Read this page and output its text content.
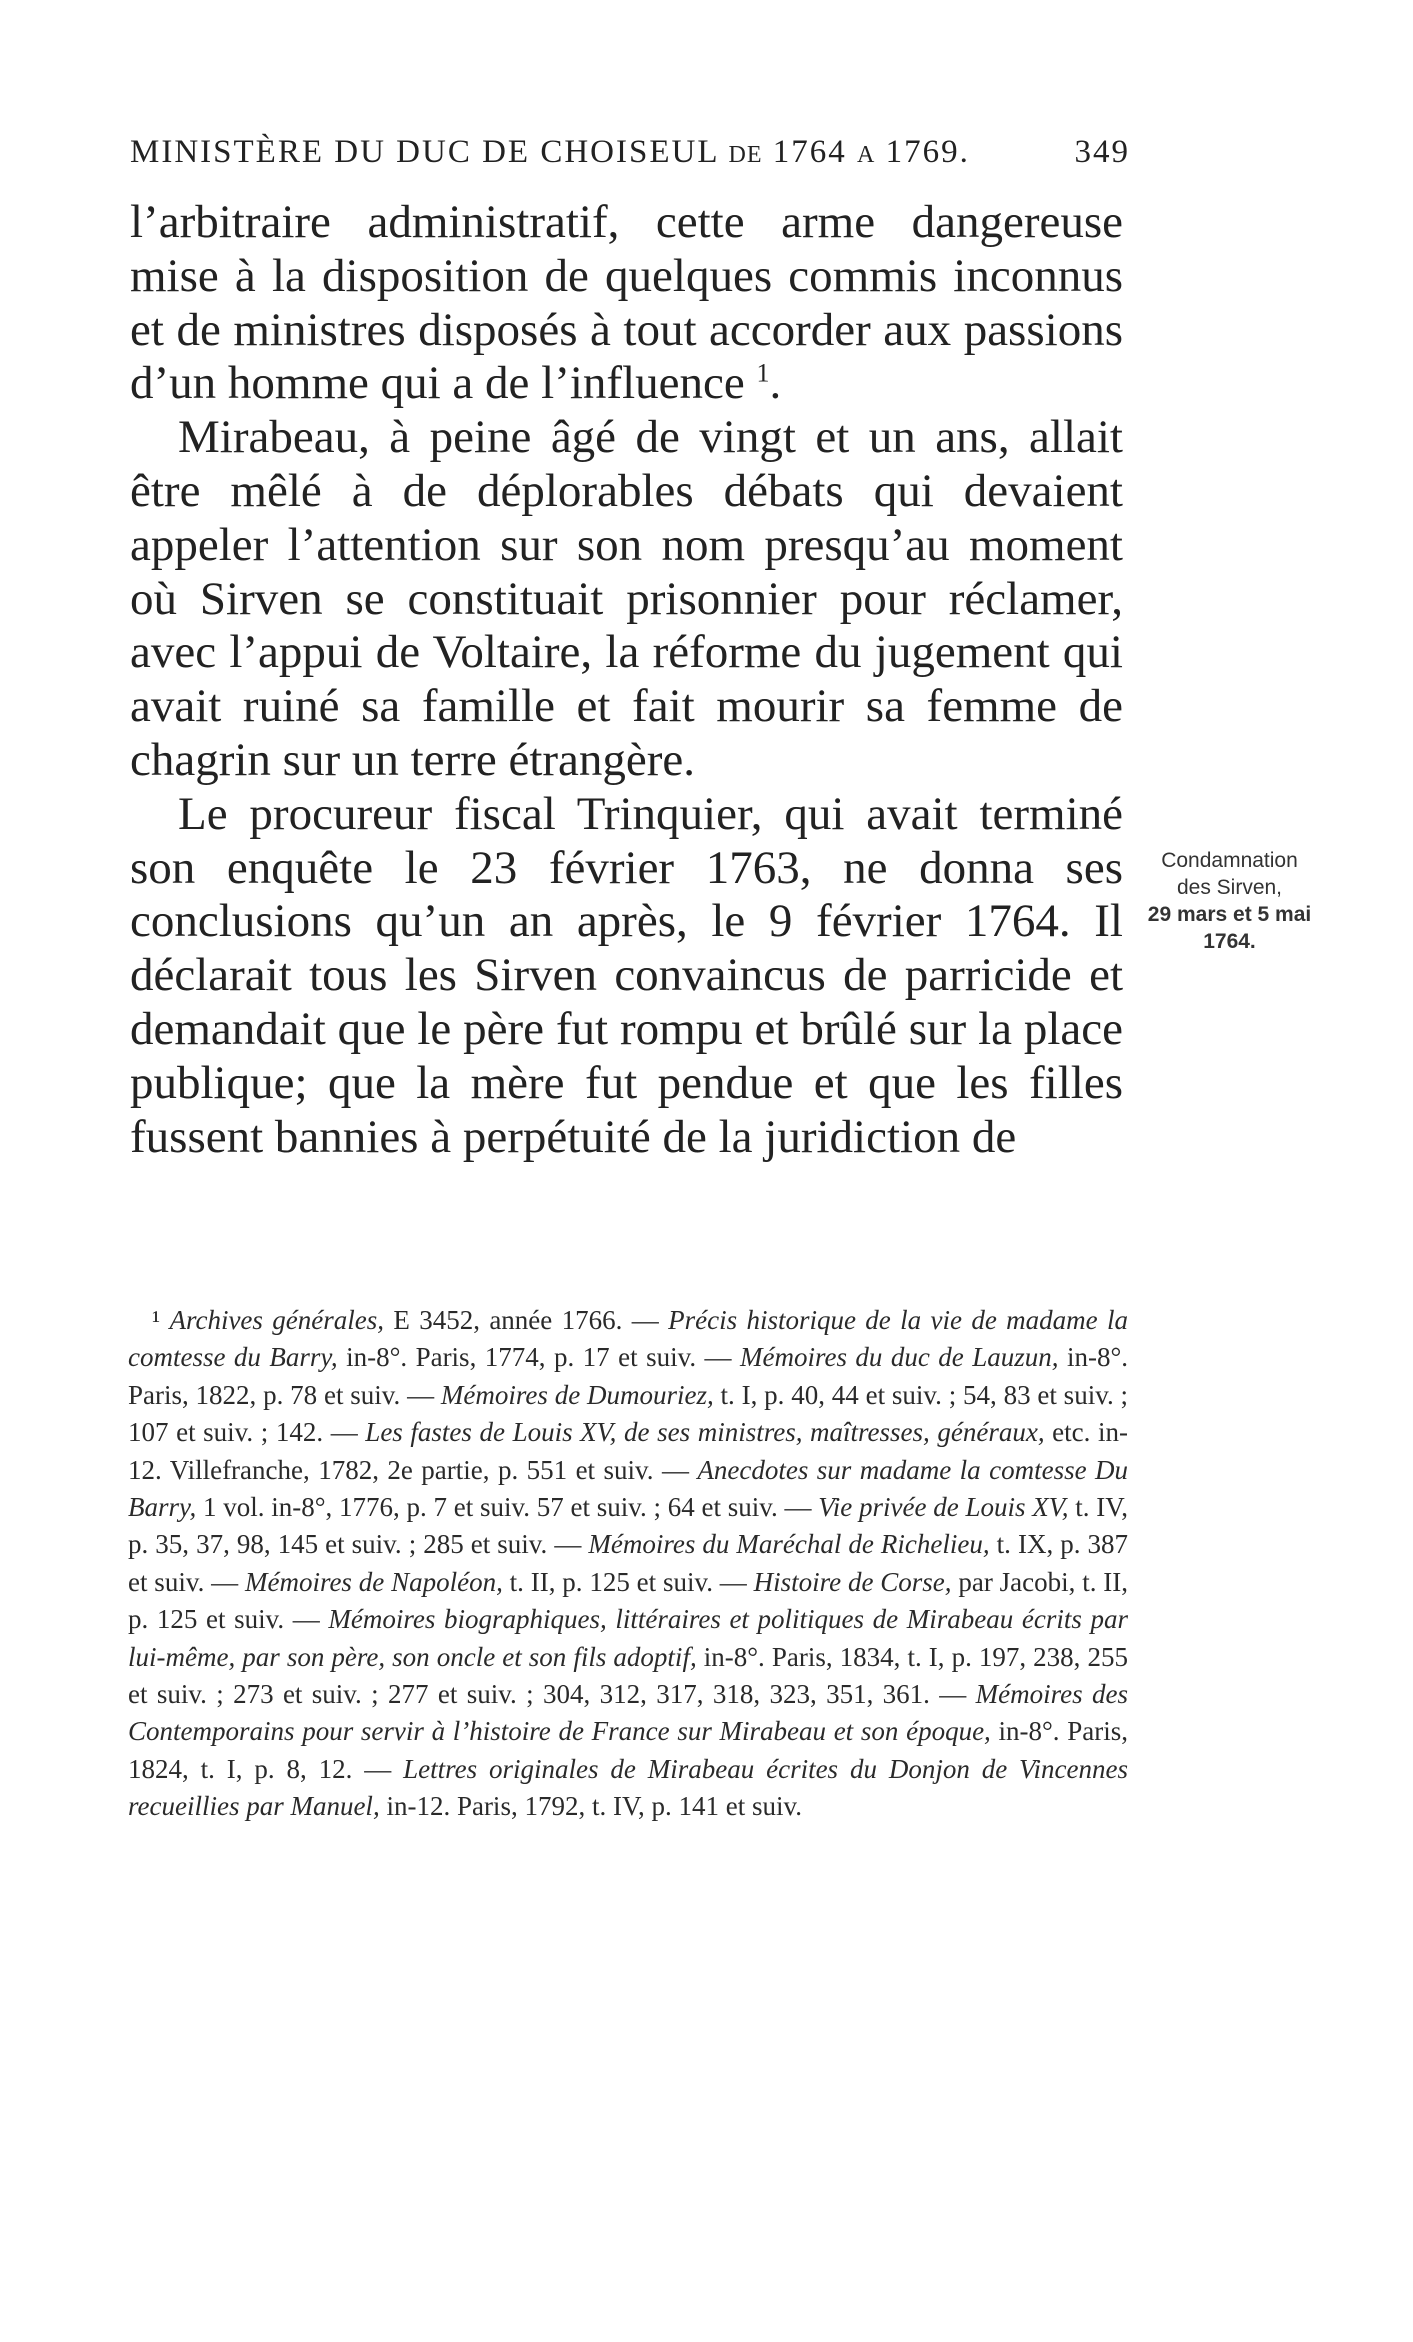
MINISTÈRE DU DUC DE CHOISEUL DE 1764 A 1769.	349

l’arbitraire administratif, cette arme dangereuse mise à la disposition de quelques commis inconnus et de ministres disposés à tout accorder aux passions d’un homme qui a de l’influence $^1$.

Mirabeau, à peine âgé de vingt et un ans, allait être mêlé à de déplorables débats qui devaient appeler l’attention sur son nom presqu’au moment où Sirven se constituait prisonnier pour réclamer, avec l’appui de Voltaire, la réforme du jugement qui avait ruiné sa famille et fait mourir sa femme de chagrin sur un terre étrangère.

Le procureur fiscal Trinquier, qui avait terminé son enquête le 23 février 1763, ne donna ses conclusions qu’un an après, le 9 février 1764. Il déclarait tous les Sirven convaincus de parricide et demandait que le père fut rompu et brûlé sur la place publique; que la mère fut pendue et que les filles fussent bannies à perpétuité de la juridiction de

Condamnation
des Sirven,
29 mars et 5 mai
1764.

¹ Archives générales, E 3452, année 1766. — Précis historique de la vie de madame la comtesse du Barry, in-8°. Paris, 1774, p. 17 et suiv. — Mémoires du duc de Lauzun, in-8°. Paris, 1822, p. 78 et suiv. — Mémoires de Dumouriez, t. I, p. 40, 44 et suiv. ; 54, 83 et suiv. ; 107 et suiv. ; 142. — Les fastes de Louis XV, de ses ministres, maîtresses, généraux, etc. in-12. Villefranche, 1782, 2e partie, p. 551 et suiv. — Anecdotes sur madame la comtesse Du Barry, 1 vol. in-8°, 1776, p. 7 et suiv. 57 et suiv. ; 64 et suiv. — Vie privée de Louis XV, t. IV, p. 35, 37, 98, 145 et suiv. ; 285 et suiv. — Mémoires du Maréchal de Richelieu, t. IX, p. 387 et suiv. — Mémoires de Napoléon, t. II, p. 125 et suiv. — Histoire de Corse, par Jacobi, t. II, p. 125 et suiv. — Mémoires biographiques, littéraires et politiques de Mirabeau écrits par lui-même, par son père, son oncle et son fils adoptif, in-8°. Paris, 1834, t. I, p. 197, 238, 255 et suiv. ; 273 et suiv. ; 277 et suiv. ; 304, 312, 317, 318, 323, 351, 361. — Mémoires des Contemporains pour servir à l’histoire de France sur Mirabeau et son époque, in-8°. Paris, 1824, t. I, p. 8, 12. — Lettres originales de Mirabeau écrites du Donjon de Vincennes recueillies par Manuel, in-12. Paris, 1792, t. IV, p. 141 et suiv.
